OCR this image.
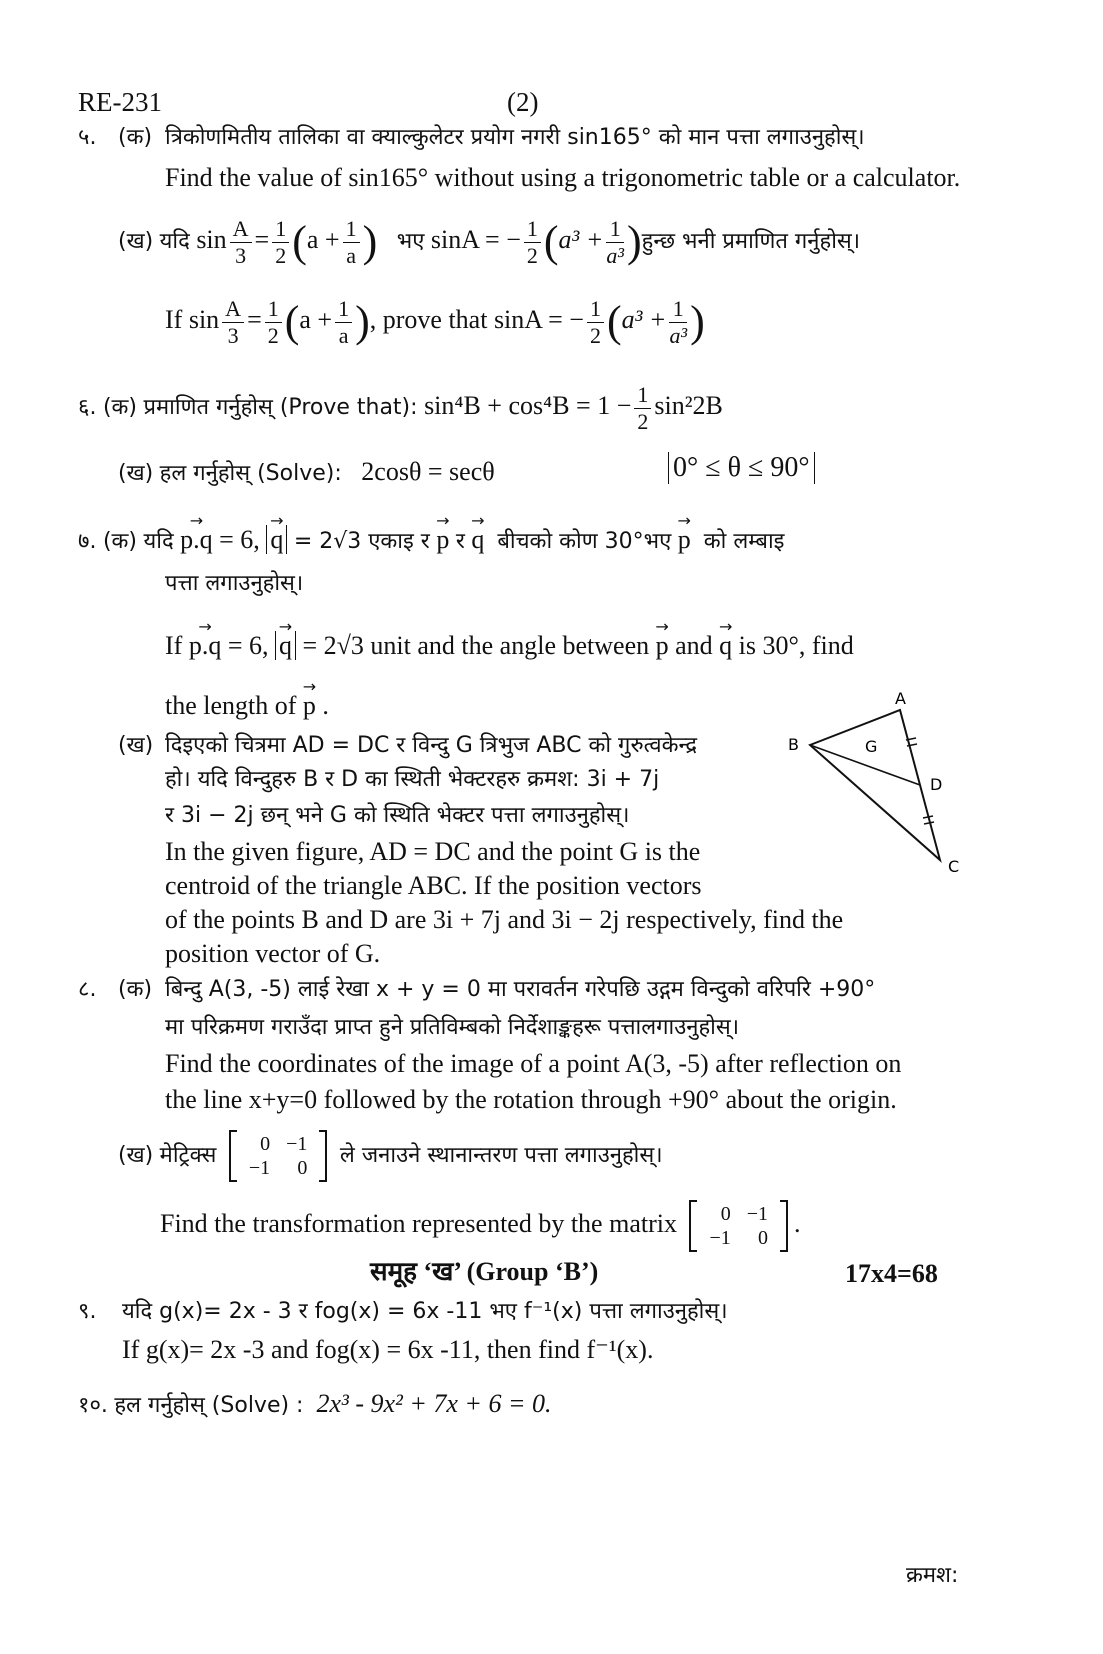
RE-231	(2)
५. (क) त्रिकोणमितीय तालिका वा क्याल्कुलेटर प्रयोग नगरी sin165° को मान पत्ता लगाउनुहोस्।
Find the value of sin165° without using a trigonometric table or a calculator.
(ख) यदि $\sin \frac{A}{3} = \frac{1}{2} (a + \frac{1}{a}$ ) भए sinA = − $\frac{1}{2} (a^3 + \frac{1}{\text{a³}}$ )हुन्छ भनी प्रमाणित गर्नुहोस्।
If $\sin \frac{A}{3} = \frac{1}{2} (a + \frac{1}{a}$ ), prove that sinA = − $\frac{1}{2} (a^3 + \frac{1}{\text{a³}}$ )
६. (क) प्रमाणित गर्नुहोस् (Prove that): $\sin^4B + \cos^4B = 1 - \frac{1}{2} \sin^22B$
(ख) हल गर्नुहोस् (Solve): 2cosθ = secθ	0° ≤ θ ≤ 90°
७. (क) यदि → p.q = 6, → q = 2√3 एकाइ र → p र → q बीचको कोण 30°भए → p को लम्बाइ
पत्ता लगाउनुहोस्।
If → p.q = 6, → q = 2√3 unit and the angle between → p and → q is 30°, find
the length of → p .
(ख) दिइएको चित्रमा AD = DC र विन्दु G त्रिभुज ABC को गुरुत्वकेन्द्र
हो। यदि विन्दुहरु B र D का स्थिती भेक्टरहरु क्रमश: 3i + 7j
र 3i − 2j छन् भने G को स्थिति भेक्टर पत्ता लगाउनुहोस्।
In the given figure, AD = DC and the point G is the
centroid of the triangle ABC. If the position vectors
of the points B and D are 3i + 7j and 3i − 2j respectively, find the
position vector of G.
A
B
C
D
G
८. (क) बिन्दु A(3, -5) लाई रेखा x + y = 0 मा परावर्तन गरेपछि उद्गम विन्दुको वरिपरि +90°
मा परिक्रमण गराउँदा प्राप्त हुने प्रतिविम्बको निर्देशाङ्कहरू पत्तालगाउनुहोस्।
Find the coordinates of the image of a point A(3, -5) after reflection on
the line x+y=0 followed by the rotation through +90° about the origin.
(ख) मेट्रिक्स 0	−1
−1	0
ले जनाउने स्थानान्तरण पत्ता लगाउनुहोस्।
Find the transformation represented by the matrix 0	−1
−1	0
.
समूह ‘ख’ (Group ‘B’)	17x4=68
९. यदि g(x)= 2x - 3 र fog(x) = 6x -11 भए f⁻¹(x) पत्ता लगाउनुहोस्।
If g(x)= 2x -3 and fog(x) = 6x -11, then find f⁻¹(x).
१०. हल गर्नुहोस् (Solve) : 2x³ - 9x² + 7x + 6 = 0.
क्रमश:
